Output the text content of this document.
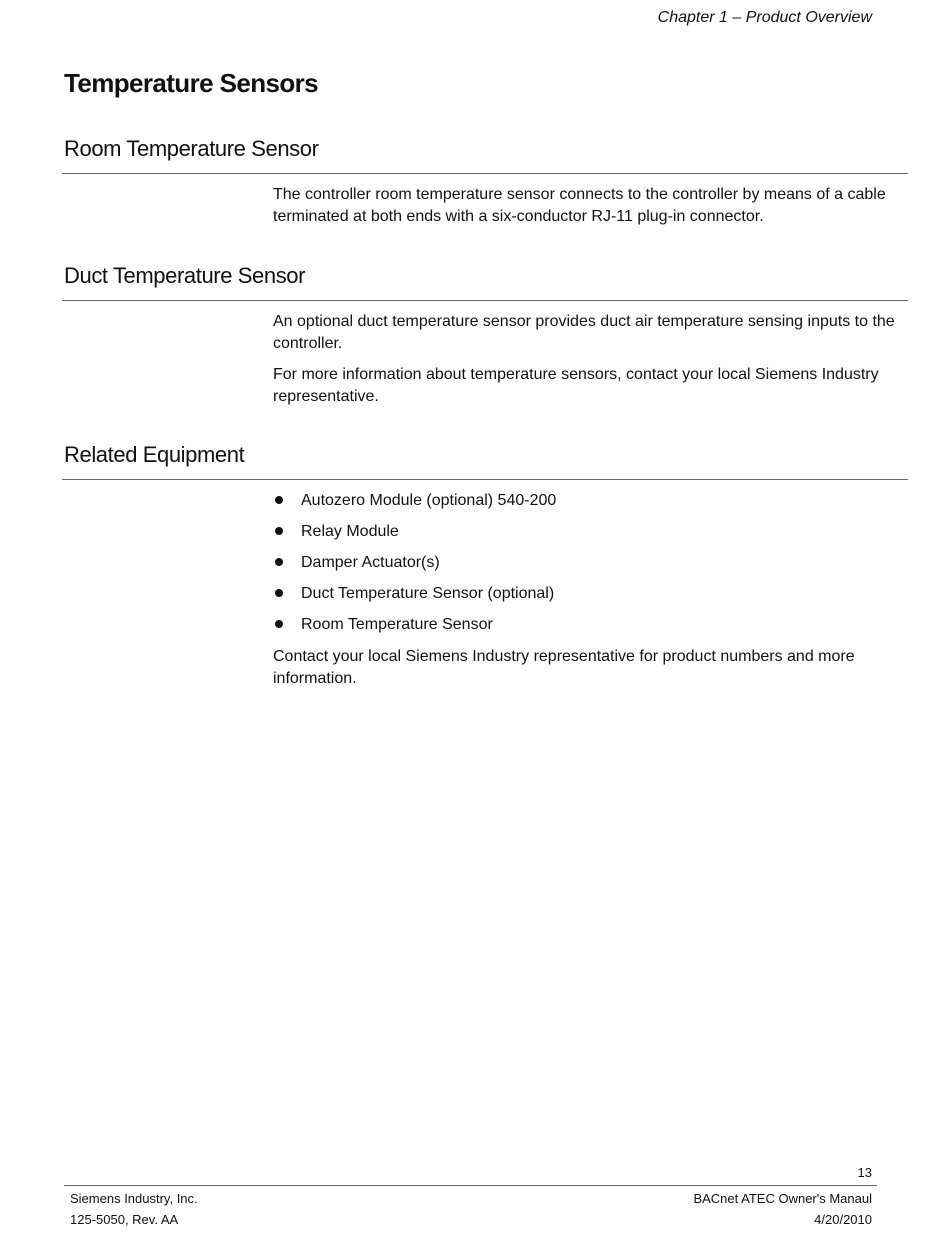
Chapter 1 – Product Overview
Temperature Sensors
Room Temperature Sensor

The controller room temperature sensor connects to the controller by means of a cable terminated at both ends with a six-conductor RJ-11 plug-in connector.

Duct Temperature Sensor

An optional duct temperature sensor provides duct air temperature sensing inputs to the controller.

For more information about temperature sensors, contact your local Siemens Industry representative.

Related Equipment
Autozero Module (optional) 540-200
Relay Module
Damper Actuator(s)
Duct Temperature Sensor (optional)
Room Temperature Sensor

Contact your local Siemens Industry representative for product numbers and more information.

13
Siemens Industry, Inc.	BACnet ATEC Owner's Manaul
125-5050, Rev. AA	4/20/2010
